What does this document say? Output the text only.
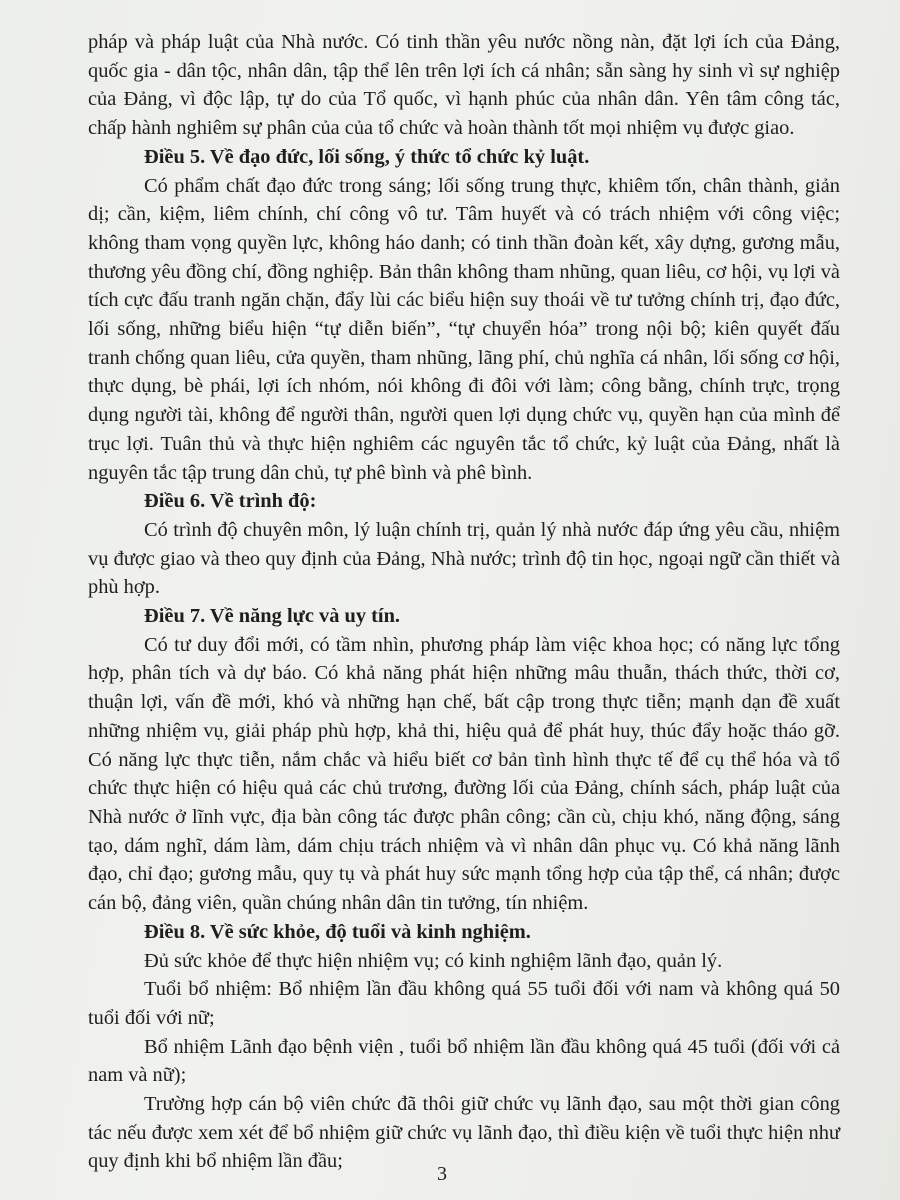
pháp và pháp luật của Nhà nước. Có tinh thần yêu nước nồng nàn, đặt lợi ích của Đảng, quốc gia - dân tộc, nhân dân, tập thể lên trên lợi ích cá nhân; sẵn sàng hy sinh vì sự nghiệp của Đảng, vì độc lập, tự do của Tổ quốc, vì hạnh phúc của nhân dân. Yên tâm công tác, chấp hành nghiêm sự phân của của tổ chức và hoàn thành tốt mọi nhiệm vụ được giao.

Điều 5. Về đạo đức, lối sống, ý thức tổ chức kỷ luật.

Có phẩm chất đạo đức trong sáng; lối sống trung thực, khiêm tốn, chân thành, giản dị; cần, kiệm, liêm chính, chí công vô tư. Tâm huyết và có trách nhiệm với công việc; không tham vọng quyền lực, không háo danh; có tinh thần đoàn kết, xây dựng, gương mẫu, thương yêu đồng chí, đồng nghiệp. Bản thân không tham nhũng, quan liêu, cơ hội, vụ lợi và tích cực đấu tranh ngăn chặn, đẩy lùi các biểu hiện suy thoái về tư tưởng chính trị, đạo đức, lối sống, những biểu hiện “tự diễn biến”, “tự chuyển hóa” trong nội bộ; kiên quyết đấu tranh chống quan liêu, cửa quyền, tham nhũng, lãng phí, chủ nghĩa cá nhân, lối sống cơ hội, thực dụng, bè phái, lợi ích nhóm, nói không đi đôi với làm; công bằng, chính trực, trọng dụng người tài, không để người thân, người quen lợi dụng chức vụ, quyền hạn của mình để trục lợi. Tuân thủ và thực hiện nghiêm các nguyên tắc tổ chức, kỷ luật của Đảng, nhất là nguyên tắc tập trung dân chủ, tự phê bình và phê bình.

Điều 6. Về trình độ:

Có trình độ chuyên môn, lý luận chính trị, quản lý nhà nước đáp ứng yêu cầu, nhiệm vụ được giao và theo quy định của Đảng, Nhà nước; trình độ tin học, ngoại ngữ cần thiết và phù hợp.

Điều 7. Về năng lực và uy tín.

Có tư duy đổi mới, có tầm nhìn, phương pháp làm việc khoa học; có năng lực tổng hợp, phân tích và dự báo. Có khả năng phát hiện những mâu thuẫn, thách thức, thời cơ, thuận lợi, vấn đề mới, khó và những hạn chế, bất cập trong thực tiễn; mạnh dạn đề xuất những nhiệm vụ, giải pháp phù hợp, khả thi, hiệu quả để phát huy, thúc đẩy hoặc tháo gỡ. Có năng lực thực tiễn, nắm chắc và hiểu biết cơ bản tình hình thực tế để cụ thể hóa và tổ chức thực hiện có hiệu quả các chủ trương, đường lối của Đảng, chính sách, pháp luật của Nhà nước ở lĩnh vực, địa bàn công tác được phân công; cần cù, chịu khó, năng động, sáng tạo, dám nghĩ, dám làm, dám chịu trách nhiệm và vì nhân dân phục vụ. Có khả năng lãnh đạo, chỉ đạo; gương mẫu, quy tụ và phát huy sức mạnh tổng hợp của tập thể, cá nhân; được cán bộ, đảng viên, quần chúng nhân dân tin tưởng, tín nhiệm.

Điều 8. Về sức khỏe, độ tuổi và kinh nghiệm.

Đủ sức khỏe để thực hiện nhiệm vụ; có kinh nghiệm lãnh đạo, quản lý.

Tuổi bổ nhiệm: Bổ nhiệm lần đầu không quá 55 tuổi đối với nam và không quá 50 tuổi đối với nữ;

Bổ nhiệm Lãnh đạo bệnh viện , tuổi bổ nhiệm lần đầu không quá 45 tuổi (đối với cả nam và nữ);

Trường hợp cán bộ viên chức đã thôi giữ chức vụ lãnh đạo, sau một thời gian công tác nếu được xem xét để bổ nhiệm giữ chức vụ lãnh đạo, thì điều kiện về tuổi thực hiện như quy định khi bổ nhiệm lần đầu;

3
